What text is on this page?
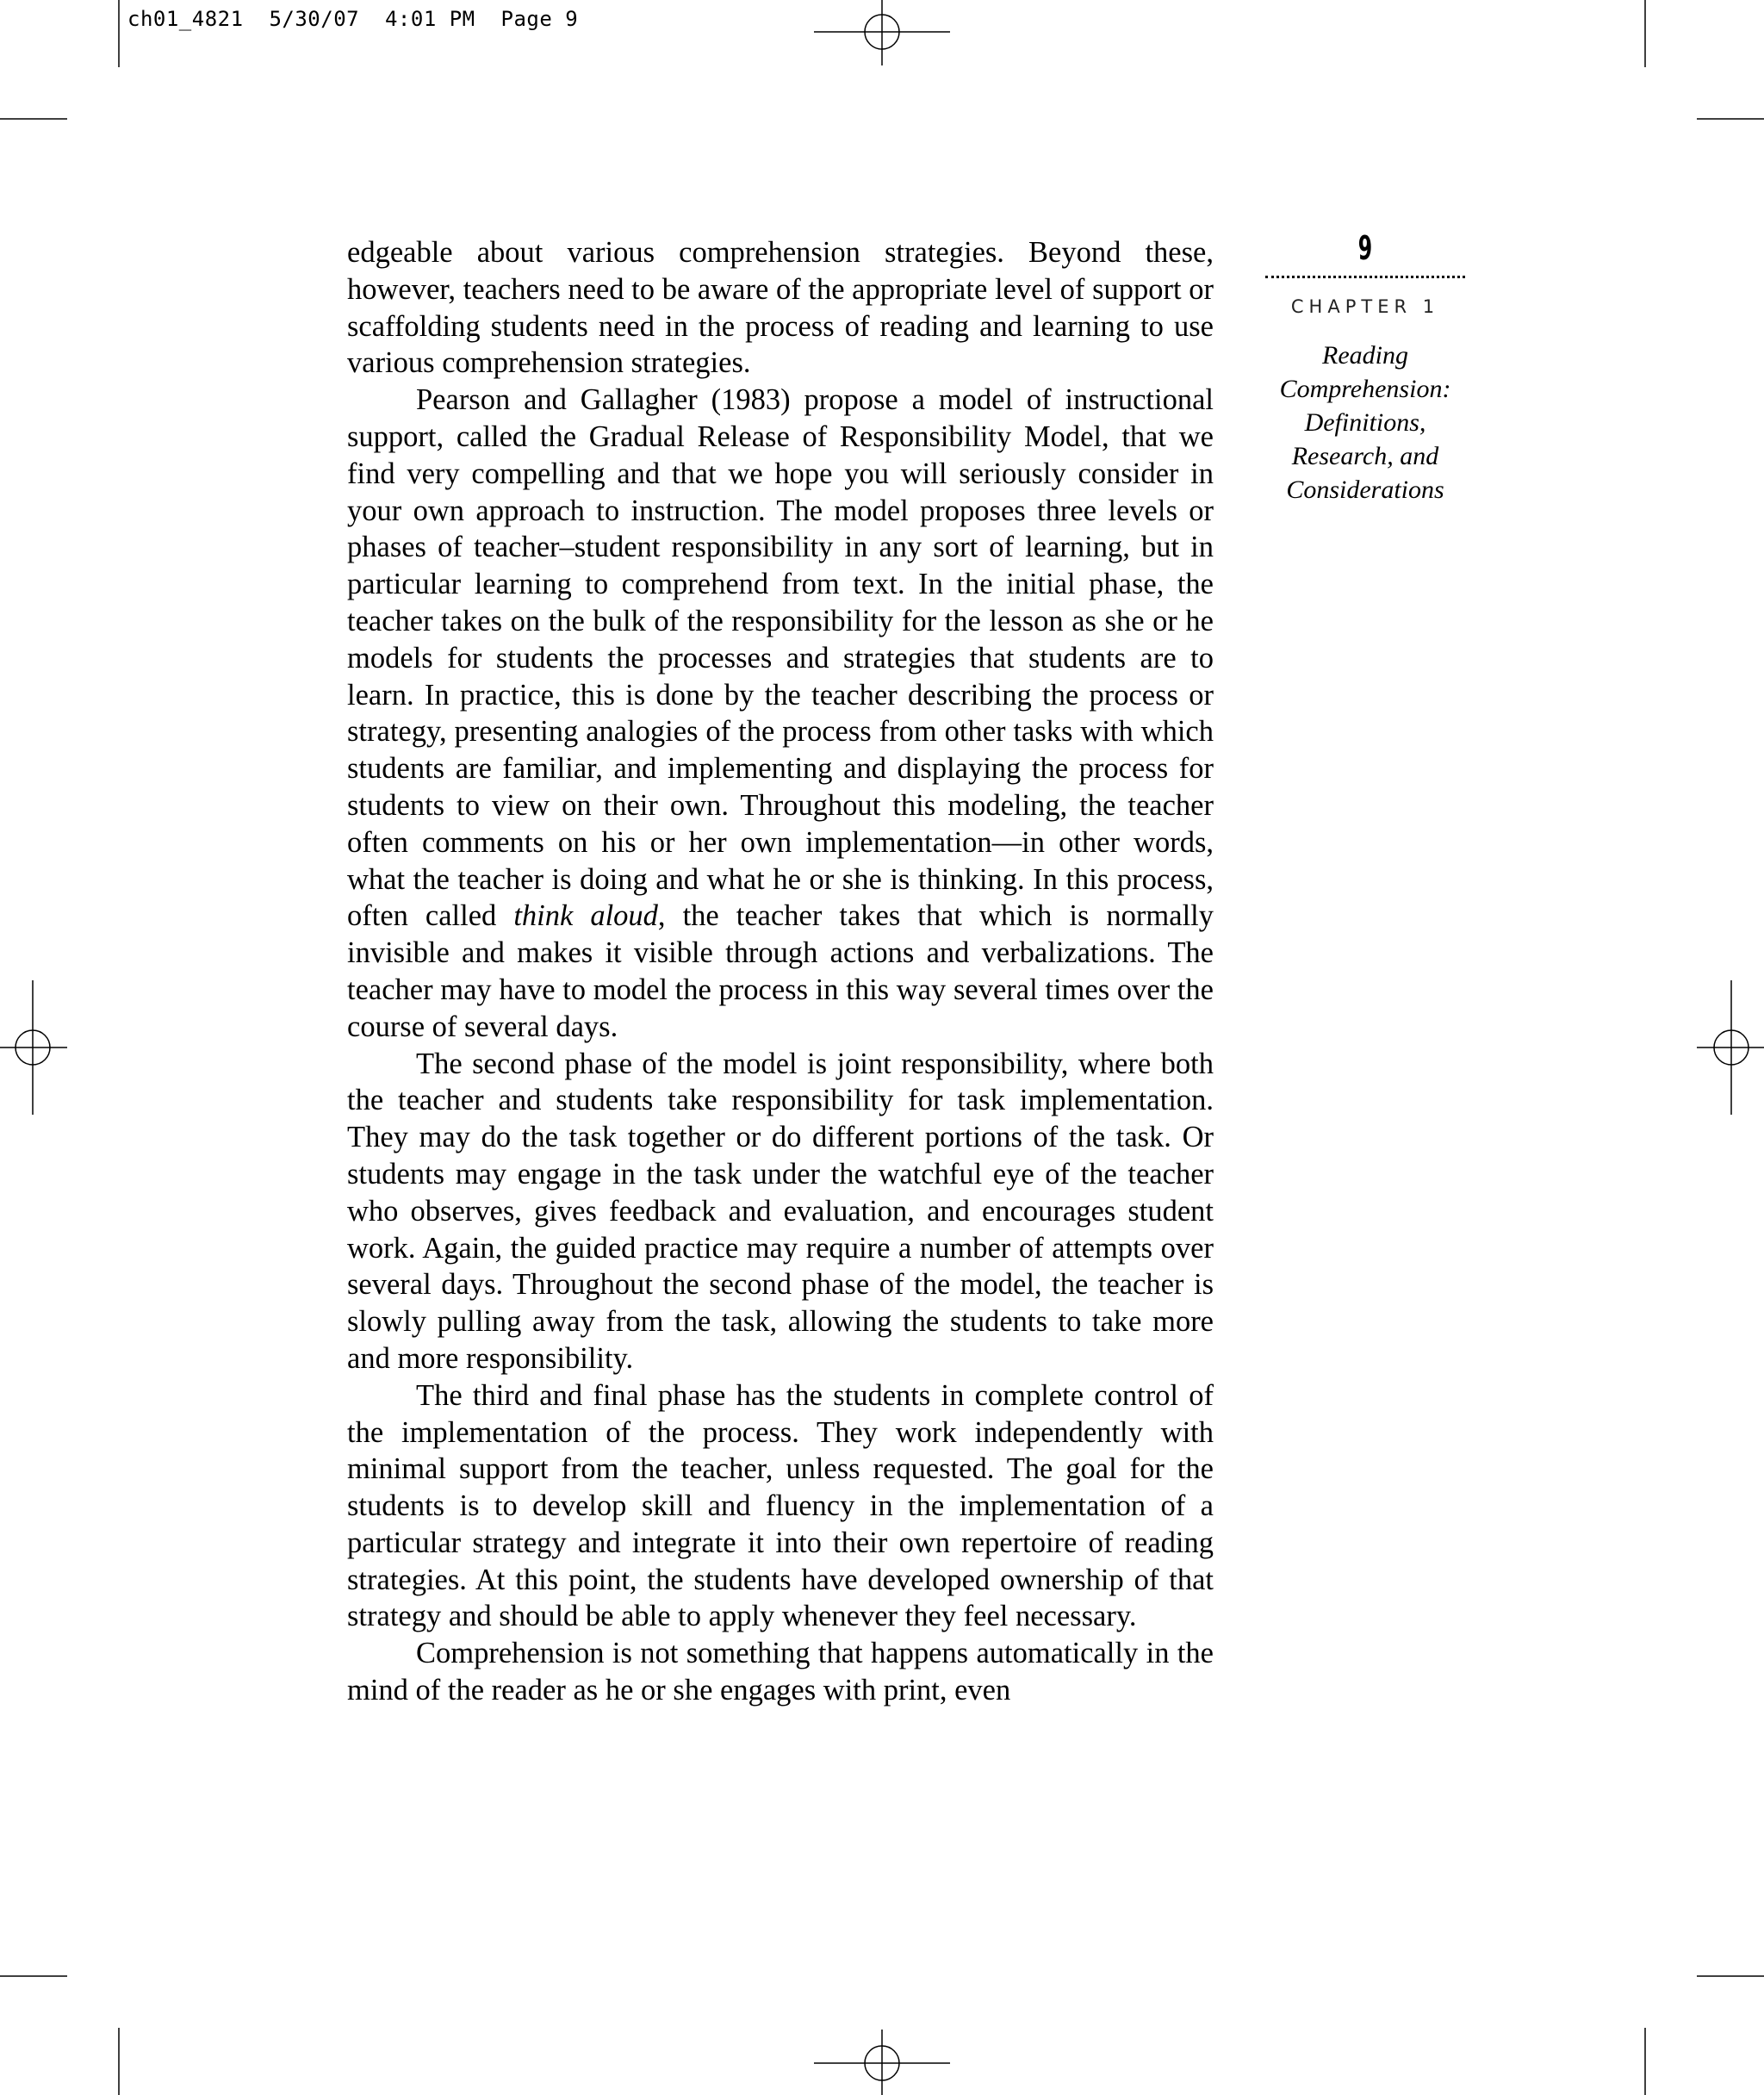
ch01_4821  5/30/07  4:01 PM  Page 9

edgeable about various comprehension strategies. Beyond these, however, teachers need to be aware of the appropriate level of support or scaffolding students need in the process of reading and learning to use various comprehension strategies.

Pearson and Gallagher (1983) propose a model of instructional support, called the Gradual Release of Responsibility Model, that we find very compelling and that we hope you will seriously consider in your own approach to instruction. The model proposes three levels or phases of teacher–student responsibility in any sort of learning, but in particular learning to comprehend from text. In the initial phase, the teacher takes on the bulk of the responsibility for the lesson as she or he models for students the processes and strategies that students are to learn. In practice, this is done by the teacher describing the process or strategy, presenting analogies of the process from other tasks with which students are familiar, and implementing and displaying the process for students to view on their own. Throughout this modeling, the teacher often comments on his or her own implementation—in other words, what the teacher is doing and what he or she is thinking. In this process, often called think aloud, the teacher takes that which is normally invisible and makes it visible through actions and verbalizations. The teacher may have to model the process in this way several times over the course of several days.

The second phase of the model is joint responsibility, where both the teacher and students take responsibility for task implementation. They may do the task together or do different portions of the task. Or students may engage in the task under the watchful eye of the teacher who observes, gives feedback and evaluation, and encourages student work. Again, the guided practice may require a number of attempts over several days. Throughout the second phase of the model, the teacher is slowly pulling away from the task, allowing the students to take more and more responsibility.

The third and final phase has the students in complete control of the implementation of the process. They work independently with minimal support from the teacher, unless requested. The goal for the students is to develop skill and fluency in the implementation of a particular strategy and integrate it into their own repertoire of reading strategies. At this point, the students have developed ownership of that strategy and should be able to apply whenever they feel necessary.

Comprehension is not something that happens automatically in the mind of the reader as he or she engages with print, even

9
CHAPTER 1
Reading
Comprehension:
Definitions,
Research, and
Considerations
